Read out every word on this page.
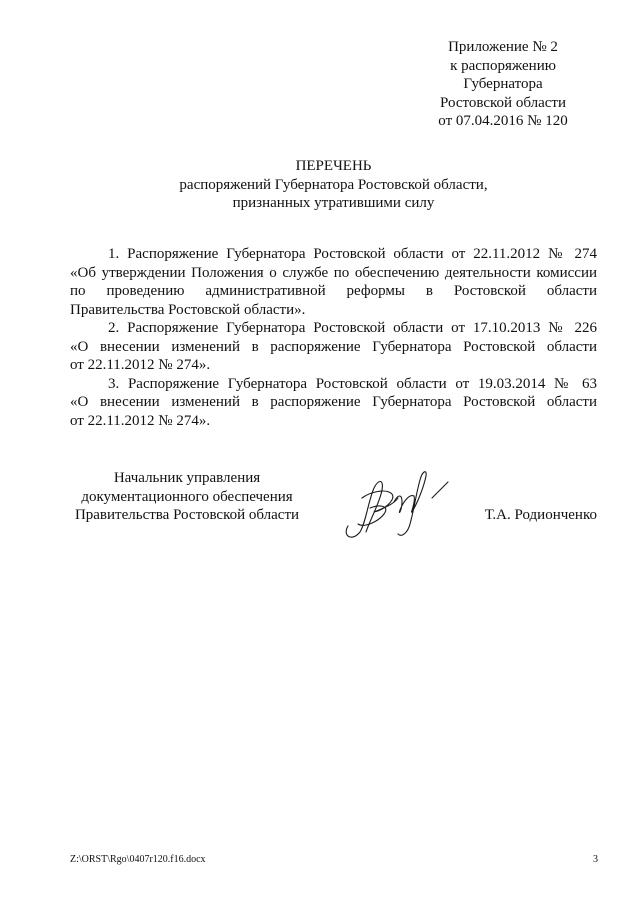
Приложение № 2
к распоряжению
Губернатора
Ростовской области
от 07.04.2016 № 120
ПЕРЕЧЕНЬ
распоряжений Губернатора Ростовской области,
признанных утратившими силу
1. Распоряжение Губернатора Ростовской области от 22.11.2012 № 274
«Об утверждении Положения о службе по обеспечению деятельности комиссии
по проведению административной реформы в Ростовской области
Правительства Ростовской области».
2. Распоряжение Губернатора Ростовской области от 17.10.2013 № 226
«О внесении изменений в распоряжение Губернатора Ростовской области
от 22.11.2012 № 274».
3. Распоряжение Губернатора Ростовской области от 19.03.2014 № 63
«О внесении изменений в распоряжение Губернатора Ростовской области
от 22.11.2012 № 274».
Начальник управления
документационного обеспечения
Правительства Ростовской области	Т.А. Родионченко
Z:\ORST\Rgo\0407r120.f16.docx	3
